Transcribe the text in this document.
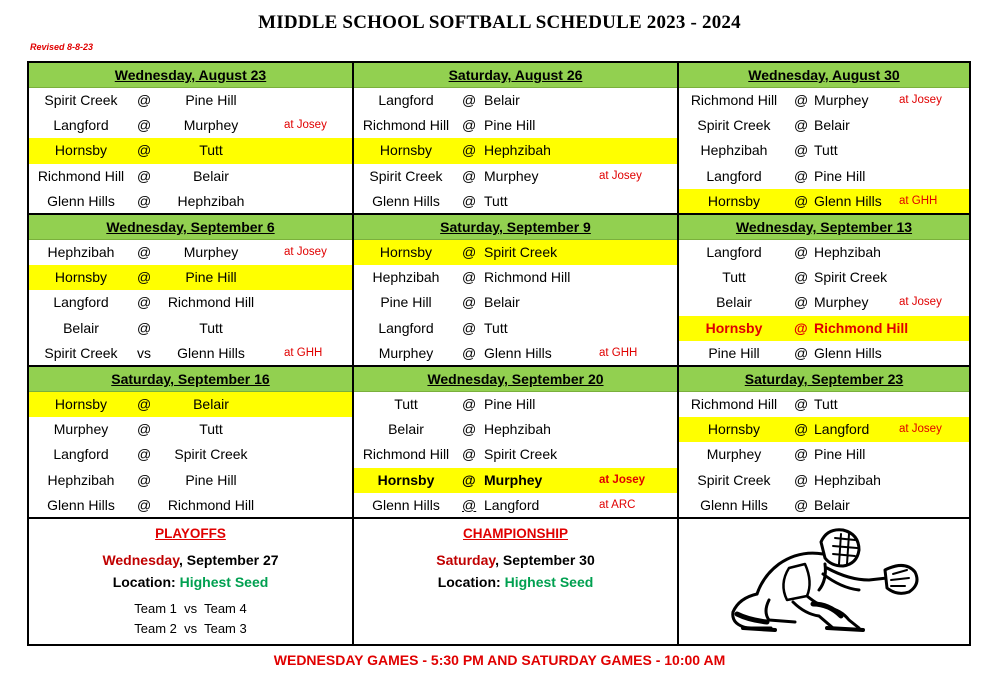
MIDDLE SCHOOL SOFTBALL SCHEDULE 2023 - 2024
Revised 8-8-23
Wednesday, August 23
Spirit Creek	@	Pine Hill
Langford	@	Murphey	at Josey
Hornsby	@	Tutt
Richmond Hill @	Belair
Glenn Hills	@	Hephzibah
Saturday, August 26
Langford	@ Belair
Richmond Hill @ Pine Hill
Hornsby	@ Hephzibah
Spirit Creek	@ Murphey	at Josey
Glenn Hills	@ Tutt
Wednesday, August 30
Richmond Hill	@ Murphey	at Josey
Spirit Creek	@ Belair
Hephzibah	@ Tutt
Langford	@ Pine Hill
Hornsby	@ Glenn Hills at GHH
Wednesday, September 6
Hephzibah	@	Murphey	at Josey
Hornsby	@	Pine Hill
Langford	@	Richmond Hill
Belair	@	Tutt
Spirit Creek	vs	Glenn Hills	at GHH
Saturday, September 9
Hornsby	@ Spirit Creek
Hephzibah	@ Richmond Hill
Pine Hill	@ Belair
Langford	@ Tutt
Murphey	@ Glenn Hills	at GHH
Wednesday, September 13
Langford	@ Hephzibah
Tutt	@ Spirit Creek
Belair	@ Murphey	at Josey
Hornsby	@ Richmond Hill
Pine Hill	@ Glenn Hills
Saturday, September 16
Hornsby	@	Belair
Murphey	@	Tutt
Langford	@	Spirit Creek
Hephzibah	@	Pine Hill
Glenn Hills	@	Richmond Hill
Wednesday, September 20
Tutt	@ Pine Hill
Belair	@ Hephzibah
Richmond Hill @ Spirit Creek
Hornsby	@ Murphey	at Josey
Glenn Hills	@ Langford	at ARC
Saturday, September 23
Richmond Hill	@ Tutt
Hornsby	@ Langford	at Josey
Murphey	@ Pine Hill
Spirit Creek	@ Hephzibah
Glenn Hills	@ Belair
PLAYOFFS
Wednesday, September 27
Location: Highest Seed
Team 1  vs  Team 4
Team 2  vs  Team 3
CHAMPIONSHIP
Saturday, September 30
Location: Highest Seed
WEDNESDAY GAMES - 5:30 PM AND SATURDAY GAMES - 10:00 AM
